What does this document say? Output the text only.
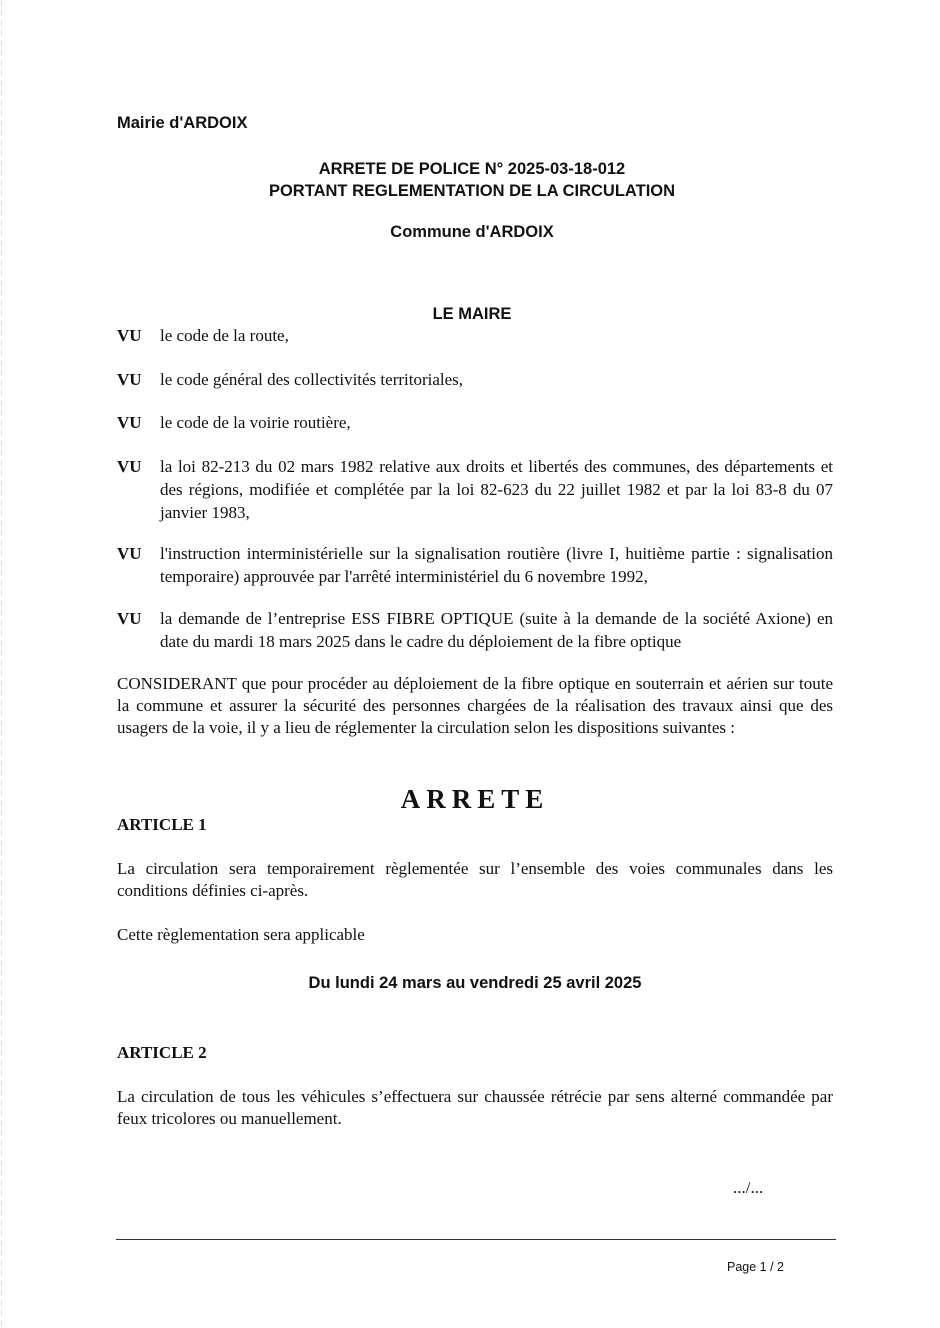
Mairie d'ARDOIX
ARRETE DE POLICE N° 2025-03-18-012
PORTANT REGLEMENTATION DE LA CIRCULATION
Commune d'ARDOIX
LE MAIRE
VU	le code de la route,
VU	le code général des collectivités territoriales,
VU	le code de la voirie routière,
VU	la loi 82-213 du 02 mars 1982 relative aux droits et libertés des communes, des départements et des régions, modifiée et complétée par la loi 82-623 du 22 juillet 1982 et par la loi 83-8 du 07 janvier 1983,
VU	l'instruction interministérielle sur la signalisation routière (livre I, huitième partie : signalisation temporaire) approuvée par l'arrêté interministériel du 6 novembre 1992,
VU	la demande de l’entreprise ESS FIBRE OPTIQUE (suite à la demande de la société Axione) en date du mardi 18 mars 2025 dans le cadre du déploiement de la fibre optique
CONSIDERANT que pour procéder au déploiement de la fibre optique en souterrain et aérien sur toute la commune et assurer la sécurité des personnes chargées de la réalisation des travaux ainsi que des usagers de la voie, il y a lieu de réglementer la circulation selon les dispositions suivantes :
ARRETE
ARTICLE 1
La circulation sera temporairement règlementée sur l’ensemble des voies communales dans les conditions définies ci-après.
Cette règlementation sera applicable
Du lundi 24 mars au vendredi 25 avril 2025
ARTICLE 2
La circulation de tous les véhicules s’effectuera sur chaussée rétrécie par sens alterné commandée par feux tricolores ou manuellement.
.../...
Page 1 / 2
